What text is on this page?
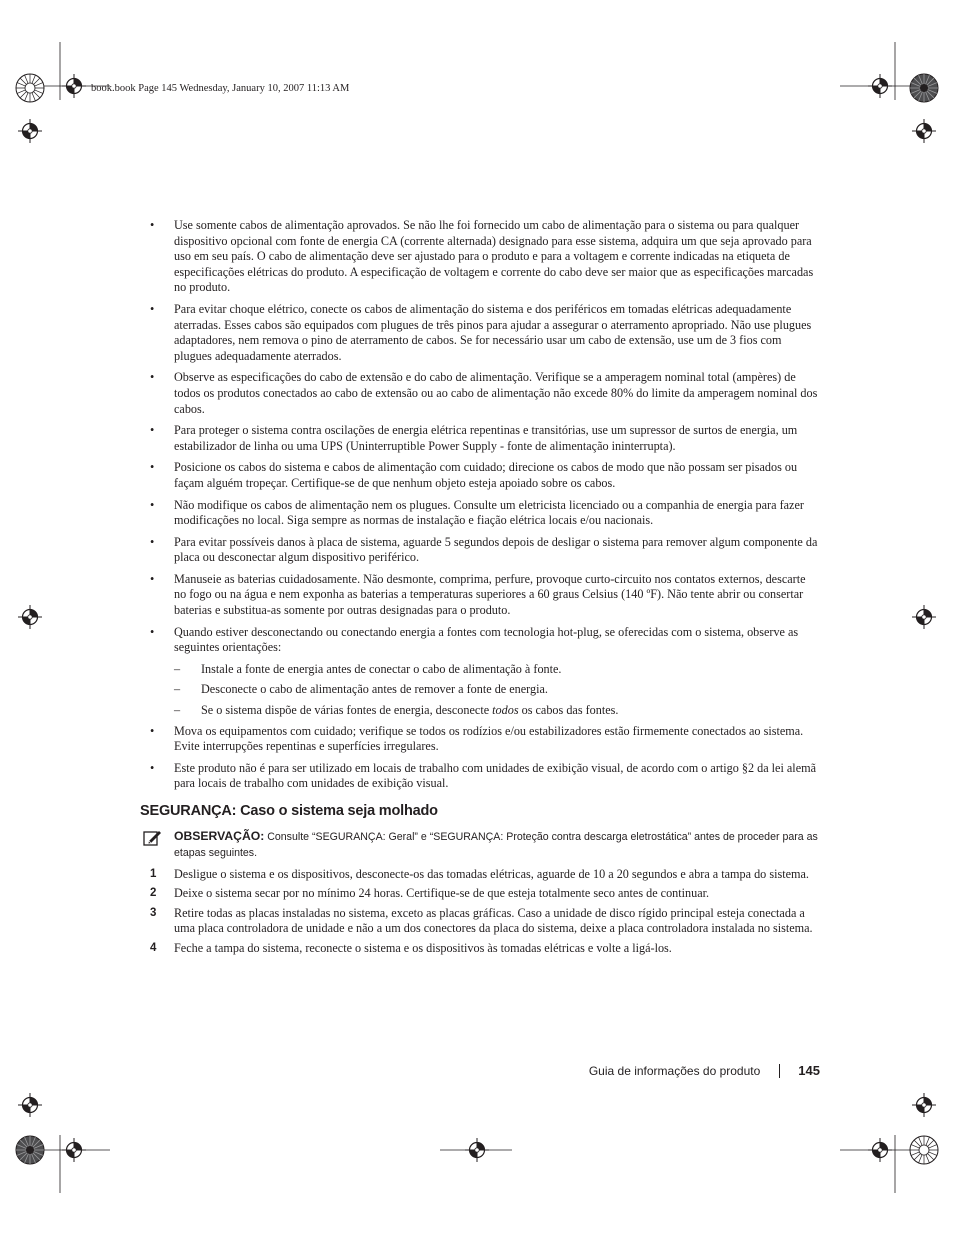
book.book Page 145 Wednesday, January 10, 2007 11:13 AM
• Use somente cabos de alimentação aprovados. Se não lhe foi fornecido um cabo de alimentação para o sistema ou para qualquer dispositivo opcional com fonte de energia CA (corrente alternada) designado para esse sistema, adquira um que seja aprovado para uso em seu país. O cabo de alimentação deve ser ajustado para o produto e para a voltagem e corrente indicadas na etiqueta de especificações elétricas do produto. A especificação de voltagem e corrente do cabo deve ser maior que as especificações marcadas no produto.
• Para evitar choque elétrico, conecte os cabos de alimentação do sistema e dos periféricos em tomadas elétricas adequadamente aterradas. Esses cabos são equipados com plugues de três pinos para ajudar a assegurar o aterramento apropriado. Não use plugues adaptadores, nem remova o pino de aterramento de cabos. Se for necessário usar um cabo de extensão, use um de 3 fios com plugues adequadamente aterrados.
• Observe as especificações do cabo de extensão e do cabo de alimentação. Verifique se a amperagem nominal total (ampères) de todos os produtos conectados ao cabo de extensão ou ao cabo de alimentação não excede 80% do limite da amperagem nominal dos cabos.
• Para proteger o sistema contra oscilações de energia elétrica repentinas e transitórias, use um supressor de surtos de energia, um estabilizador de linha ou uma UPS (Uninterruptible Power Supply - fonte de alimentação ininterrupta).
• Posicione os cabos do sistema e cabos de alimentação com cuidado; direcione os cabos de modo que não possam ser pisados ou façam alguém tropeçar. Certifique-se de que nenhum objeto esteja apoiado sobre os cabos.
• Não modifique os cabos de alimentação nem os plugues. Consulte um eletricista licenciado ou a companhia de energia para fazer modificações no local. Siga sempre as normas de instalação e fiação elétrica locais e/ou nacionais.
• Para evitar possíveis danos à placa de sistema, aguarde 5 segundos depois de desligar o sistema para remover algum componente da placa ou desconectar algum dispositivo periférico.
• Manuseie as baterias cuidadosamente. Não desmonte, comprima, perfure, provoque curto-circuito nos contatos externos, descarte no fogo ou na água e nem exponha as baterias a temperaturas superiores a 60 graus Celsius (140 ºF). Não tente abrir ou consertar baterias e substitua-as somente por outras designadas para o produto.
• Quando estiver desconectando ou conectando energia a fontes com tecnologia hot-plug, se oferecidas com o sistema, observe as seguintes orientações:
– Instale a fonte de energia antes de conectar o cabo de alimentação à fonte.
– Desconecte o cabo de alimentação antes de remover a fonte de energia.
– Se o sistema dispõe de várias fontes de energia, desconecte todos os cabos das fontes.
• Mova os equipamentos com cuidado; verifique se todos os rodízios e/ou estabilizadores estão firmemente conectados ao sistema. Evite interrupções repentinas e superfícies irregulares.
• Este produto não é para ser utilizado em locais de trabalho com unidades de exibição visual, de acordo com o artigo §2 da lei alemã para locais de trabalho com unidades de exibição visual.
SEGURANÇA: Caso o sistema seja molhado
OBSERVAÇÃO: Consulte “SEGURANÇA: Geral” e “SEGURANÇA: Proteção contra descarga eletrostática” antes de proceder para as etapas seguintes.
1 Desligue o sistema e os dispositivos, desconecte-os das tomadas elétricas, aguarde de 10 a 20 segundos e abra a tampa do sistema.
2 Deixe o sistema secar por no mínimo 24 horas. Certifique-se de que esteja totalmente seco antes de continuar.
3 Retire todas as placas instaladas no sistema, exceto as placas gráficas. Caso a unidade de disco rígido principal esteja conectada a uma placa controladora de unidade e não a um dos conectores da placa do sistema, deixe a placa controladora instalada no sistema.
4 Feche a tampa do sistema, reconecte o sistema e os dispositivos às tomadas elétricas e volte a ligá-los.
Guia de informações do produto	145
